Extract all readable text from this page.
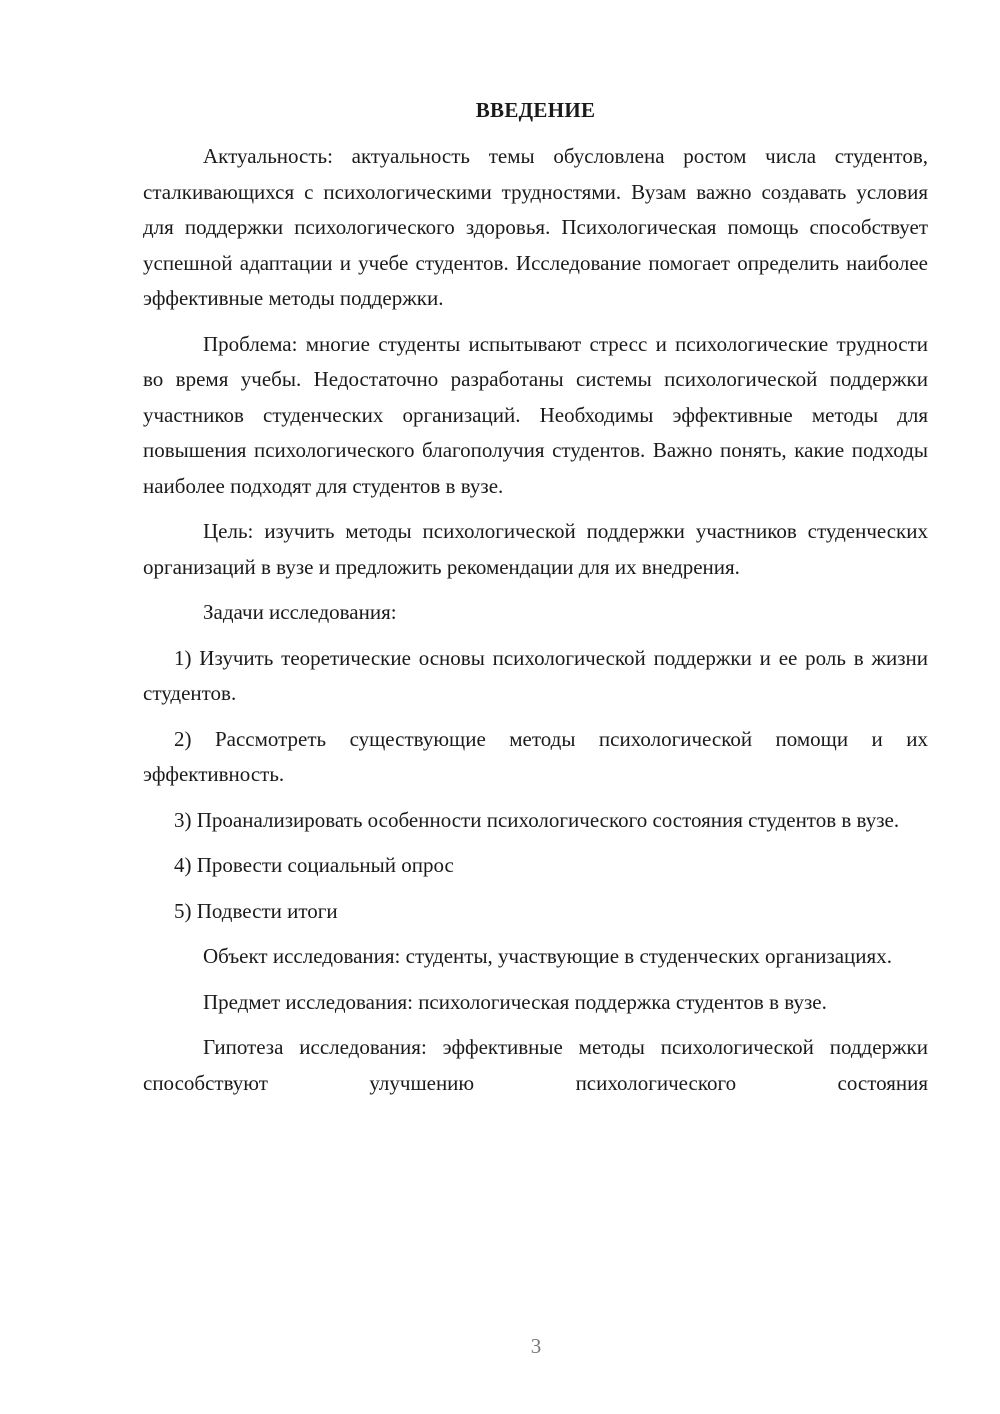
ВВЕДЕНИЕ

Актуальность: актуальность темы обусловлена ростом числа студентов, сталкивающихся с психологическими трудностями. Вузам важно создавать условия для поддержки психологического здоровья. Психологическая помощь способствует успешной адаптации и учебе студентов. Исследование помогает определить наиболее эффективные методы поддержки.

Проблема: многие студенты испытывают стресс и психологические трудности во время учебы. Недостаточно разработаны системы психологической поддержки участников студенческих организаций. Необходимы эффективные методы для повышения психологического благополучия студентов. Важно понять, какие подходы наиболее подходят для студентов в вузе.

Цель: изучить методы психологической поддержки участников студенческих организаций в вузе и предложить рекомендации для их внедрения.

Задачи исследования:

1) Изучить теоретические основы психологической поддержки и ее роль в жизни студентов.

2) Рассмотреть существующие методы психологической помощи и их эффективность.

3) Проанализировать особенности психологического состояния студентов в вузе.

4) Провести социальный опрос

5) Подвести итоги

Объект исследования: студенты, участвующие в студенческих организациях.

Предмет исследования: психологическая поддержка студентов в вузе.

Гипотеза исследования: эффективные методы психологической поддержки способствуют улучшению психологического состояния

3
